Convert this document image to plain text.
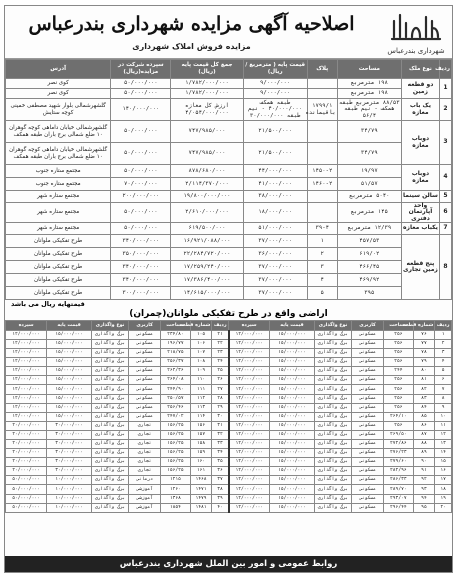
شهرداری بندرعباس
اصلاحیه آگهی مزایده شهرداری بندرعباس
مزایده فروش املاک شهرداری
ردیف	نوع ملک	مساحت	پلاک	قیمت پایه ( مترمربع /ریال)	جمع کل قیمت پایه (ریال)	سپرده شرکت در مزایده(ریال)	آدرس
1	دو قطعه زمین	۱۹۸ مترمربع		۹/۰۰۰/۰۰۰	۱/۷۸۲/۰۰۰/۰۰۰	۵۰/۰۰۰/۰۰۰	کوی نصر
		۱۹۸ مترمربع		۹/۰۰۰/۰۰۰	۱/۷۸۲/۰۰۰/۰۰۰	۵۰/۰۰۰/۰۰۰	کوی نصر
2	یک باب مغازه	۸۸/۵۳ مترمربع طبقه همکف - نیم طبقه ۵۶/۴	۱۷۹۹/۱ باقیمانده	طبقه همکف ۴۰/۰۰۰/۰۰۰ - نیم طبقه ۳۰/۰۰۰/۰۰۰	ارزش کل مغازه ۴/۰۵۴/۰۰۰/۰۰۰	۱۴۰/۰۰۰/۰۰۰	گلشهرشمالی بلوار شهید مصطفی خمینی کوچه ستایش
3	دوباب مغازه	۳۴/۷۹		۲۱/۵۰۰/۰۰۰	۷۴۷/۹۸۵/۰۰۰	۵۰/۰۰۰/۰۰۰	گلشهرشمالی خیابان داماهی کوچه گوهران ۱۰ ضلع شمالی برج باران طبقه همکف
		۳۴/۷۹		۲۱/۵۰۰/۰۰۰	۷۴۷/۹۸۵/۰۰۰	۵۰/۰۰۰/۰۰۰	گلشهرشمالی خیابان داماهی کوچه گوهران ۱۰ ضلع شمالی برج باران طبقه همکف
4	دوباب مغازه	۱۹/۹۷	۱۴۵۰-۲	۴۴/۰۰۰/۰۰۰	۸۷۸/۶۸۰/۰۰۰	۵۰/۰۰۰/۰۰۰	مجتمع ستاره جنوب
		۵۱/۵۷	۱۴۶۰-۲	۴۱/۰۰۰/۰۰۰	۲/۱۱۴/۳۷۰/۰۰۰	۷۰/۰۰۰/۰۰۰	مجتمع ستاره جنوب
5	سالن سینما	۵۰۴۰ مترمربع		۳۸/۰۰۰/۰۰۰	۱۹/۸۰۰/۰۰۰/۰۰۰	۲۰۰/۰۰۰/۰۰۰	مجتمع ستاره شهر
6	واحد آپارتمان دفتری	۱۴۵ مترمربع		۱۸/۰۰۰/۰۰۰	۲/۶۱۰/۰۰۰/۰۰۰	۵۰/۰۰۰/۰۰۰	مجتمع ستاره شهر
7	یکباب مغازه	۱۲/۳۹ مترمربع	۳۹-۴	۵۱/۰۰۰/۰۰۰	۶۱۹/۵۰۰/۰۰۰	۵۰/۰۰۰/۰۰۰	مجتمع ستاره شهر
8	پنج قطعه زمین تجاری	۴۵۷/۵۳	۱	۳۷/۰۰۰/۰۰۰	۱۶/۹۲۱/۰۸۸/۰۰۰	۳۴۰/۰۰۰/۰۰۰	طرح تفکیکی ملوانان
		۶۱۹/۰۲	۲	۳۶/۰۰۰/۰۰۰	۲۲/۲۸۴/۷۲۰/۰۰۰	۳۵۰/۰۰۰/۰۰۰	طرح تفکیکی ملوانان
		۴۶۶/۴۵	۳	۳۷/۰۰۰/۰۰۰	۱۷/۲۵۹/۲۴۰/۰۰۰	۳۴۰/۰۰۰/۰۰۰	طرح تفکیکی ملوانان
		۴۶۹/۹۲	۴	۳۷/۰۰۰/۰۰۰	۱۷/۳۸۶/۴۰۰/۰۰۰	۳۴۰/۰۰۰/۰۰۰	طرح تفکیکی ملوانان
		۳۹۵	۵	۳۷/۰۰۰/۰۰۰	۱۴/۶۱۵/۰۰۰/۰۰۰	۳۰۰/۰۰۰/۰۰۰	طرح تفکیکی ملوانان
قیمتهایه ریال می باشد
اراضی واقع در طرح تفکیکی ملوانان(چمران)
ردیف	شماره قطعه	مساحت	کاربری	نوع واگذاری	قیمت پایه	سپرده	ردیف	شماره قطعه	مساحت	کاربری	نوع واگذاری	قیمت پایه	سپرده
۱	۷۶	۲۵۶	مسکونی	برگ واگذاری	۱۵/۰۰۰/۰۰۰	۱۲/۰۰۰/۰۰۰	۲۱	۱۰۵	۲۳۴/۸۰	مسکونی	برگ واگذاری	۱۵/۰۰۰/۰۰۰	۱۲/۰۰۰/۰۰۰
۲	۷۷	۲۵۶	مسکونی	برگ واگذاری	۱۵/۰۰۰/۰۰۰	۱۲/۰۰۰/۰۰۰	۲۲	۱۰۶	۱۹۶/۷۷	مسکونی	برگ واگذاری	۱۵/۰۰۰/۰۰۰	۱۲/۰۰۰/۰۰۰
۳	۷۸	۲۵۶	مسکونی	برگ واگذاری	۱۵/۰۰۰/۰۰۰	۱۲/۰۰۰/۰۰۰	۲۳	۱۰۷	۲۱۸/۷۵	مسکونی	برگ واگذاری	۱۵/۰۰۰/۰۰۰	۱۲/۰۰۰/۰۰۰
۴	۷۹	۲۵۶	مسکونی	برگ واگذاری	۱۵/۰۰۰/۰۰۰	۱۲/۰۰۰/۰۰۰	۲۴	۱۰۸	۲۵۶/۳۷	مسکونی	برگ واگذاری	۱۵/۰۰۰/۰۰۰	۱۲/۰۰۰/۰۰۰
۵	۸۰	۲۴۴	مسکونی	برگ واگذاری	۱۵/۰۰۰/۰۰۰	۱۲/۰۰۰/۰۰۰	۲۵	۱۰۹	۲۶۲/۳۶	مسکونی	برگ واگذاری	۱۵/۰۰۰/۰۰۰	۱۲/۰۰۰/۰۰۰
۶	۸۱	۲۵۶	مسکونی	برگ واگذاری	۱۵/۰۰۰/۰۰۰	۱۲/۰۰۰/۰۰۰	۲۶	۱۱۰	۲۶۴/۰۸	مسکونی	برگ واگذاری	۱۵/۰۰۰/۰۰۰	۱۲/۰۰۰/۰۰۰
۷	۸۲	۲۵۶	مسکونی	برگ واگذاری	۱۵/۰۰۰/۰۰۰	۱۲/۰۰۰/۰۰۰	۲۷	۱۱۱	۲۴۴/۹۰	مسکونی	برگ واگذاری	۱۵/۰۰۰/۰۰۰	۱۲/۰۰۰/۰۰۰
۸	۸۳	۲۵۶	مسکونی	برگ واگذاری	۱۵/۰۰۰/۰۰۰	۱۲/۰۰۰/۰۰۰	۲۸	۱۱۲	۲۵۰/۵۷	مسکونی	برگ واگذاری	۱۵/۰۰۰/۰۰۰	۱۲/۰۰۰/۰۰۰
۹	۸۴	۲۵۶	مسکونی	برگ واگذاری	۱۵/۰۰۰/۰۰۰	۱۲/۰۰۰/۰۰۰	۲۹	۱۱۳	۲۵۶/۴۶	مسکونی	برگ واگذاری	۱۵/۰۰۰/۰۰۰	۱۲/۰۰۰/۰۰۰
۱۰	۸۵	۲۶۴/۱۰	مسکونی	برگ واگذاری	۱۵/۰۰۰/۰۰۰	۱۲/۰۰۰/۰۰۰	۳۰	۱۱۴	۲۴۷/۰۲	مسکونی	برگ واگذاری	۱۵/۰۰۰/۰۰۰	۱۲/۰۰۰/۰۰۰
۱۱	۸۶	۲۵۶	مسکونی	برگ واگذاری	۱۵/۰۰۰/۰۰۰	۱۲/۰۰۰/۰۰۰	۳۱	۱۵۶	۱۵۶/۲۵	تجاری	برگ واگذاری	۳۰/۰۰۰/۰۰۰	۲۰/۰۰۰/۰۰۰
۱۲	۸۷	۲۶۹/۵۰	مسکونی	برگ واگذاری	۱۵/۰۰۰/۰۰۰	۱۲/۰۰۰/۰۰۰	۳۲	۱۵۷	۱۵۶/۲۵	تجاری	برگ واگذاری	۳۰/۰۰۰/۰۰۰	۲۰/۰۰۰/۰۰۰
۱۳	۸۸	۲۷۲/۸۶	مسکونی	برگ واگذاری	۱۵/۰۰۰/۰۰۰	۱۲/۰۰۰/۰۰۰	۳۳	۱۵۸	۱۵۶/۲۵	تجاری	برگ واگذاری	۳۰/۰۰۰/۰۰۰	۲۰/۰۰۰/۰۰۰
۱۴	۸۹	۲۷۶/۲۳	مسکونی	برگ واگذاری	۱۵/۰۰۰/۰۰۰	۱۲/۰۰۰/۰۰۰	۳۴	۱۵۹	۱۵۶/۲۵	تجاری	برگ واگذاری	۳۰/۰۰۰/۰۰۰	۲۰/۰۰۰/۰۰۰
۱۵	۹۰	۲۷۹/۶۰	مسکونی	برگ واگذاری	۱۵/۰۰۰/۰۰۰	۱۲/۰۰۰/۰۰۰	۳۵	۱۶۰	۱۵۶/۲۵	تجاری	برگ واگذاری	۳۰/۰۰۰/۰۰۰	۲۰/۰۰۰/۰۰۰
۱۶	۹۱	۲۸۲/۹۶	مسکونی	برگ واگذاری	۱۵/۰۰۰/۰۰۰	۱۲/۰۰۰/۰۰۰	۳۶	۱۶۱	۱۵۶/۲۵	تجاری	برگ واگذاری	۳۰/۰۰۰/۰۰۰	۲۰/۰۰۰/۰۰۰
۱۷	۹۲	۲۸۶/۳۳	مسکونی	برگ واگذاری	۱۵/۰۰۰/۰۰۰	۱۲/۰۰۰/۰۰۰	۳۷	۱۴۶۸	۱۲۱۵	درمانی	برگ واگذاری	۱۰/۰۰۰/۰۰۰	۵۰/۰۰۰/۰۰۰
۱۸	۹۳	۲۸۹/۷۰	مسکونی	برگ واگذاری	۱۵/۰۰۰/۰۰۰	۱۲/۰۰۰/۰۰۰	۳۸	۱۴۷۱	۱۲۶۰	آموزشی	برگ واگذاری	۱۰/۰۰۰/۰۰۰	۵۰/۰۰۰/۰۰۰
۱۹	۹۴	۲۹۳/۰۷	مسکونی	برگ واگذاری	۱۵/۰۰۰/۰۰۰	۱۲/۰۰۰/۰۰۰	۳۹	۱۴۷۹	۱۳۶۸	آموزشی	برگ واگذاری	۱۰/۰۰۰/۰۰۰	۵۰/۰۰۰/۰۰۰
۲۰	۹۵	۲۹۶/۴۴	مسکونی	برگ واگذاری	۱۵/۰۰۰/۰۰۰	۱۲/۰۰۰/۰۰۰	۴۰	۱۴۸۱	۱۸۵۴	آموزشی	برگ واگذاری	۱۰/۰۰۰/۰۰۰	۵۰/۰۰۰/۰۰۰
روابط عمومی و امور بین الملل شهرداری بندرعباس
